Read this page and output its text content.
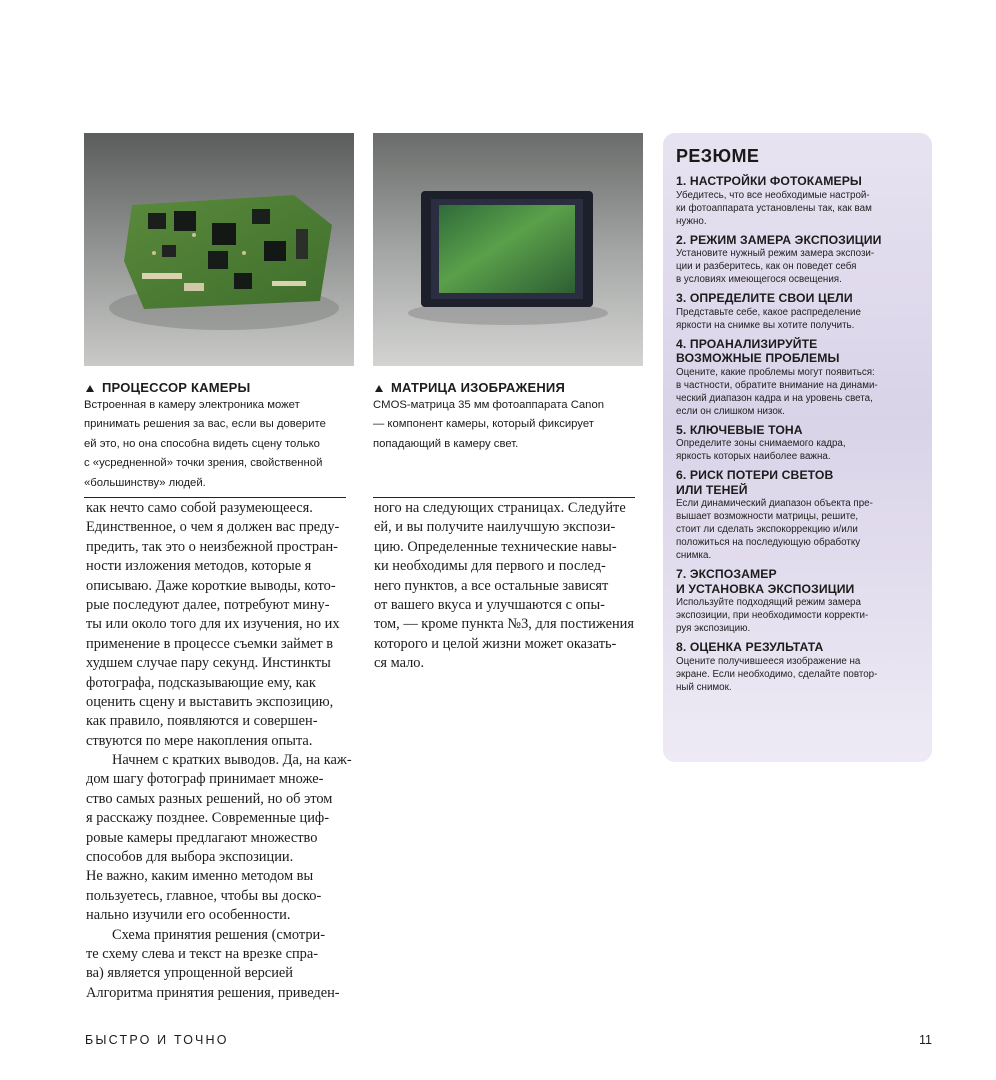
ПРОЦЕССОР КАМЕРЫ
Встроенная в камеру электроника может
принимать решения за вас, если вы доверите
ей это, но она способна видеть сцену только
с «усредненной» точки зрения, свойственной
«большинству» людей.
МАТРИЦА ИЗОБРАЖЕНИЯ
CMOS-матрица 35 мм фотоаппарата Canon
— компонент камеры, который фиксирует
попадающий в камеру свет.
как нечто само собой разумеющееся.
Единственное, о чем я должен вас преду-
предить, так это о неизбежной простран-
ности изложения методов, которые я
описываю. Даже короткие выводы, кото-
рые последуют далее, потребуют мину-
ты или около того для их изучения, но их
применение в процессе съемки займет в
худшем случае пару секунд. Инстинкты
фотографа, подсказывающие ему, как
оценить сцену и выставить экспозицию,
как правило, появляются и совершен-
ствуются по мере накопления опыта.
Начнем с кратких выводов. Да, на каж-
дом шагу фотограф принимает множе-
ство самых разных решений, но об этом
я расскажу позднее. Современные циф-
ровые камеры предлагают множество
способов для выбора экспозиции.
Не важно, каким именно методом вы
пользуетесь, главное, чтобы вы доско-
нально изучили его особенности.
Схема принятия решения (смотри-
те схему слева и текст на врезке спра-
ва) является упрощенной версией
Алгоритма принятия решения, приведен-
ного на следующих страницах. Следуйте
ей, и вы получите наилучшую экспози-
цию. Определенные технические навы-
ки необходимы для первого и послед-
него пунктов, а все остальные зависят
от вашего вкуса и улучшаются с опы-
том, — кроме пункта №3, для постижения
которого и целой жизни может оказать-
ся мало.
РЕЗЮМЕ
1. НАСТРОЙКИ ФОТОКАМЕРЫ
Убедитесь, что все необходимые настрой-
ки фотоаппарата установлены так, как вам
нужно.
2. РЕЖИМ ЗАМЕРА ЭКСПОЗИЦИИ
Установите нужный режим замера экспози-
ции и разберитесь, как он поведет себя
в условиях имеющегося освещения.
3. ОПРЕДЕЛИТЕ СВОИ ЦЕЛИ
Представьте себе, какое распределение
яркости на снимке вы хотите получить.
4. ПРОАНАЛИЗИРУЙТЕ
ВОЗМОЖНЫЕ ПРОБЛЕМЫ
Оцените, какие проблемы могут появиться:
в частности, обратите внимание на динами-
ческий диапазон кадра и на уровень света,
если он слишком низок.
5. КЛЮЧЕВЫЕ ТОНА
Определите зоны снимаемого кадра,
яркость которых наиболее важна.
6. РИСК ПОТЕРИ СВЕТОВ
ИЛИ ТЕНЕЙ
Если динамический диапазон объекта пре-
вышает возможности матрицы, решите,
стоит ли сделать экспокоррекцию и/или
положиться на последующую обработку
снимка.
7. ЭКСПОЗАМЕР
И УСТАНОВКА ЭКСПОЗИЦИИ
Используйте подходящий режим замера
экспозиции, при необходимости корректи-
руя экспозицию.
8. ОЦЕНКА РЕЗУЛЬТАТА
Оцените получившееся изображение на
экране. Если необходимо, сделайте повтор-
ный снимок.
БЫСТРО И ТОЧНО	11
